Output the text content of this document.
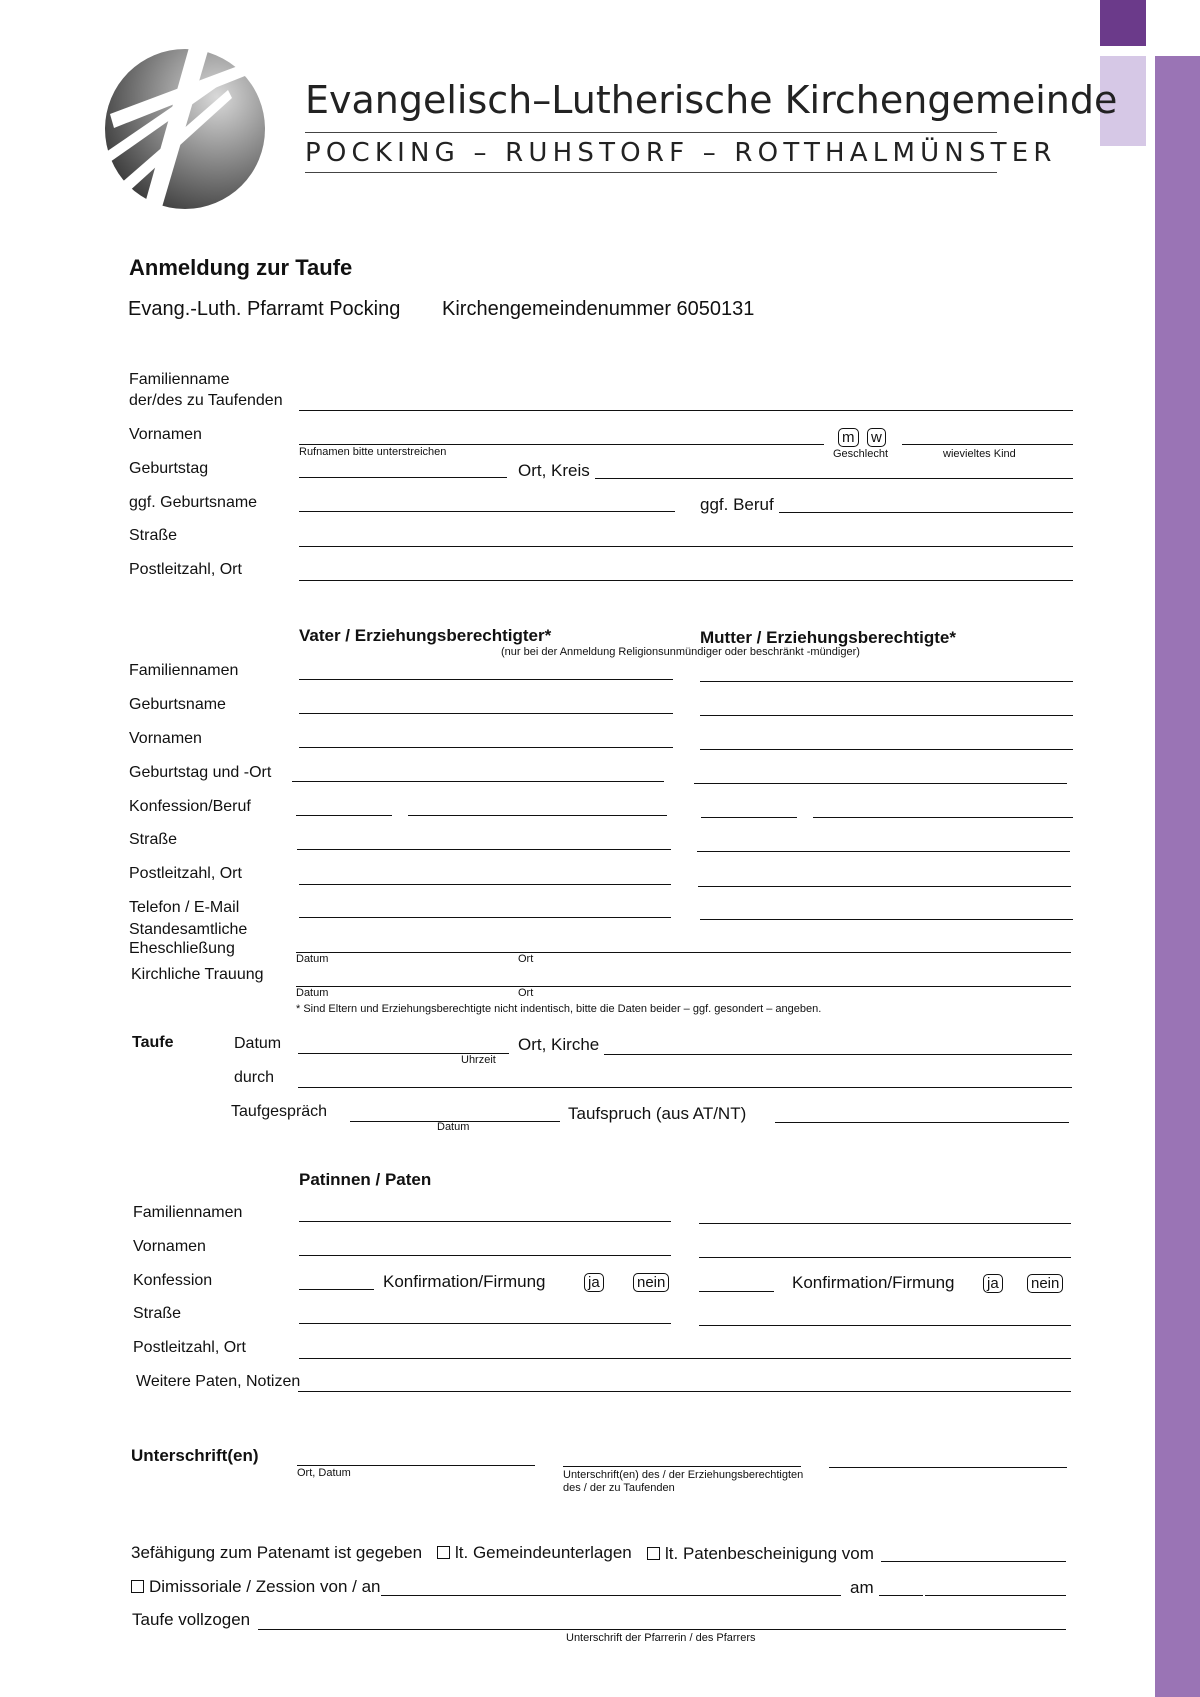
Evangelisch–Lutherische Kirchengemeinde
POCKING – RUHSTORF – ROTTHALMÜNSTER
Anmeldung zur Taufe
Evang.-Luth. Pfarramt Pocking Kirchengemeindenummer 6050131
Familienname
der/des zu Taufenden
Vornamen
Rufnamen bitte unterstreichen
m w
Geschlecht	wievieltes Kind
Geburtstag	Ort, Kreis
ggf. Geburtsname	ggf. Beruf
Straße
Postleitzahl, Ort
Vater / Erziehungsberechtigter*	Mutter / Erziehungsberechtigte*
(nur bei der Anmeldung Religionsunmündiger oder beschränkt -mündiger)
Familiennamen
Geburtsname
Vornamen
Geburtstag und -Ort
Konfession/Beruf
Straße
Postleitzahl, Ort
Telefon / E-Mail
Standesamtliche
Eheschließung
Datum	Ort
Kirchliche Trauung
Datum	Ort
* Sind Eltern und Erziehungsberechtigte nicht indentisch, bitte die Daten beider – ggf. gesondert – angeben.
Taufe	Datum
Uhrzeit
Ort, Kirche
durch
Taufgespräch
Datum
Taufspruch (aus AT/NT)
Patinnen / Paten
Familiennamen
Vornamen
Konfession	Konfirmation/Firmung	ja nein	Konfirmation/Firmung ja nein
Straße
Postleitzahl, Ort
Weitere Paten, Notizen
Unterschrift(en)
Ort, Datum	Unterschrift(en) des / der Erziehungsberechtigten
des / der zu Taufenden
3efähigung zum Patenamt ist gegeben	lt. Gemeindeunterlagen	lt. Patenbescheinigung vom
Dimissoriale / Zession von / an	am
Taufe vollzogen
Unterschrift der Pfarrerin / des Pfarrers
